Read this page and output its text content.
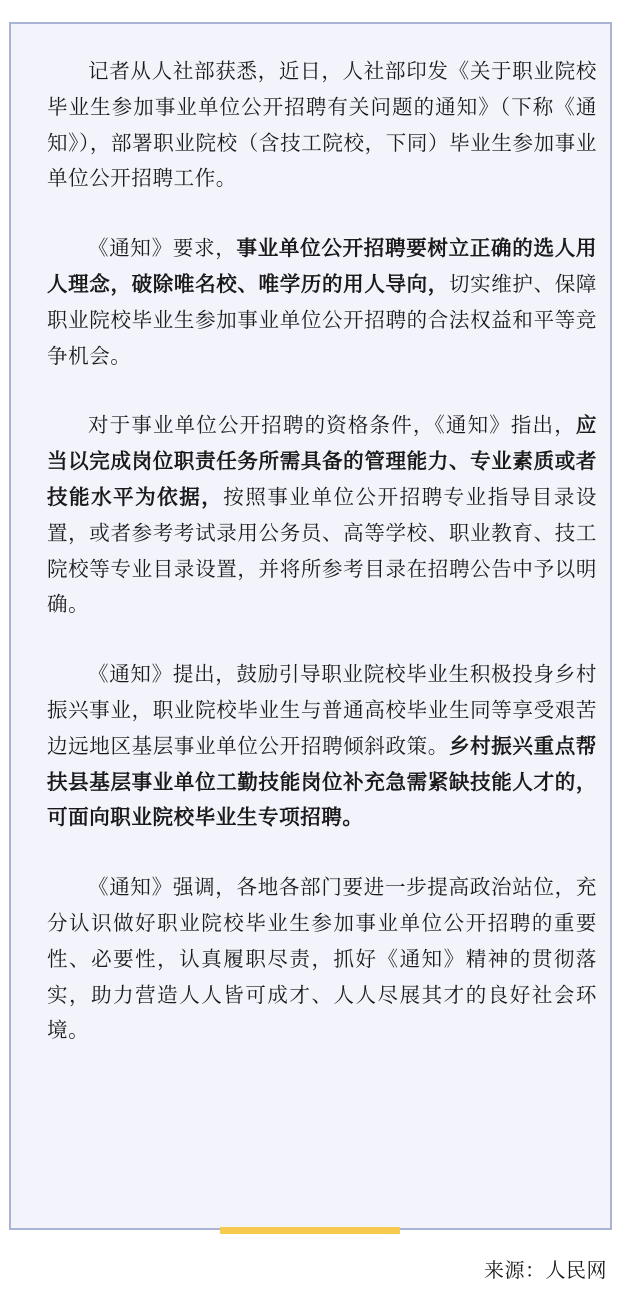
记者从人社部获悉，近日，人社部印发《关于职业院校毕业生参加事业单位公开招聘有关问题的通知》（下称《通知》），部署职业院校（含技工院校，下同）毕业生参加事业单位公开招聘工作。

《通知》要求，事业单位公开招聘要树立正确的选人用人理念，破除唯名校、唯学历的用人导向，切实维护、保障职业院校毕业生参加事业单位公开招聘的合法权益和平等竞争机会。

对于事业单位公开招聘的资格条件，《通知》指出，应当以完成岗位职责任务所需具备的管理能力、专业素质或者技能水平为依据，按照事业单位公开招聘专业指导目录设置，或者参考考试录用公务员、高等学校、职业教育、技工院校等专业目录设置，并将所参考目录在招聘公告中予以明确。

《通知》提出，鼓励引导职业院校毕业生积极投身乡村振兴事业，职业院校毕业生与普通高校毕业生同等享受艰苦边远地区基层事业单位公开招聘倾斜政策。乡村振兴重点帮扶县基层事业单位工勤技能岗位补充急需紧缺技能人才的，可面向职业院校毕业生专项招聘。

《通知》强调，各地各部门要进一步提高政治站位，充分认识做好职业院校毕业生参加事业单位公开招聘的重要性、必要性，认真履职尽责，抓好《通知》精神的贯彻落实，助力营造人人皆可成才、人人尽展其才的良好社会环境。

来源：人民网
